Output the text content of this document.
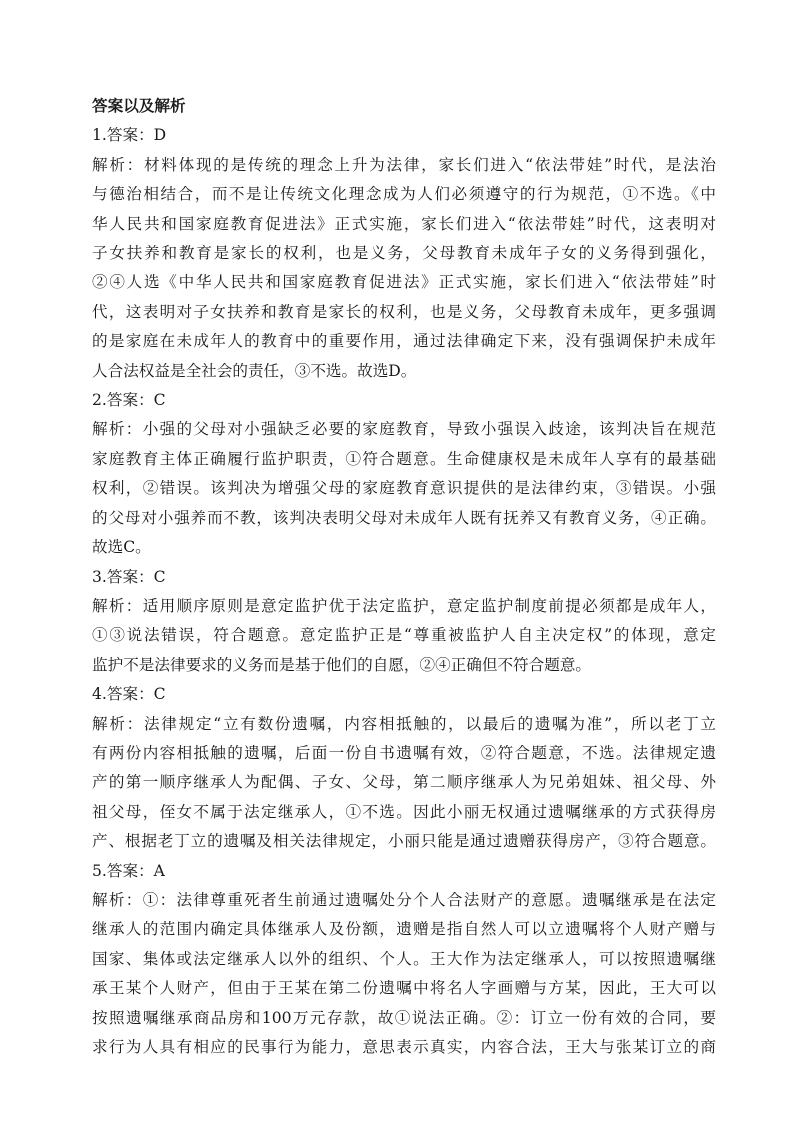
答案以及解析
1.答案：D
解析：材料体现的是传统的理念上升为法律，家长们进入“依法带娃”时代，是法治
与德治相结合，而不是让传统文化理念成为人们必须遵守的行为规范，①不选。《中
华人民共和国家庭教育促进法》正式实施，家长们进入“依法带娃”时代，这表明对
子女扶养和教育是家长的权利，也是义务，父母教育未成年子女的义务得到强化，
②④人选《中华人民共和国家庭教育促进法》正式实施，家长们进入“依法带娃”时
代，这表明对子女扶养和教育是家长的权利，也是义务，父母教育未成年，更多强调
的是家庭在未成年人的教育中的重要作用，通过法律确定下来，没有强调保护未成年
人合法权益是全社会的责任，③不选。故选D。
2.答案：C
解析：小强的父母对小强缺乏必要的家庭教育，导致小强误入歧途，该判决旨在规范
家庭教育主体正确履行监护职责，①符合题意。生命健康权是未成年人享有的最基础
权利，②错误。该判决为增强父母的家庭教育意识提供的是法律约束，③错误。小强
的父母对小强养而不教，该判决表明父母对未成年人既有抚养又有教育义务，④正确。
故选C。
3.答案：C
解析：适用顺序原则是意定监护优于法定监护，意定监护制度前提必须都是成年人，
①③说法错误，符合题意。意定监护正是“尊重被监护人自主决定权”的体现，意定
监护不是法律要求的义务而是基于他们的自愿，②④正确但不符合题意。
4.答案：C
解析：法律规定“立有数份遗嘱，内容相抵触的，以最后的遗嘱为准”，所以老丁立
有两份内容相抵触的遗嘱，后面一份自书遗嘱有效，②符合题意，不选。法律规定遗
产的第一顺序继承人为配偶、子女、父母，第二顺序继承人为兄弟姐妹、祖父母、外
祖父母，侄女不属于法定继承人，①不选。因此小丽无权通过遗嘱继承的方式获得房
产、根据老丁立的遗嘱及相关法律规定，小丽只能是通过遗赠获得房产，③符合题意。
5.答案：A
解析：①：法律尊重死者生前通过遗嘱处分个人合法财产的意愿。遗嘱继承是在法定
继承人的范围内确定具体继承人及份额，遗赠是指自然人可以立遗嘱将个人财产赠与
国家、集体或法定继承人以外的组织、个人。王大作为法定继承人，可以按照遗嘱继
承王某个人财产，但由于王某在第二份遗嘱中将名人字画赠与方某，因此，王大可以
按照遗嘱继承商品房和100万元存款，故①说法正确。②：订立一份有效的合同，要
求行为人具有相应的民事行为能力，意思表示真实，内容合法，王大与张某订立的商
